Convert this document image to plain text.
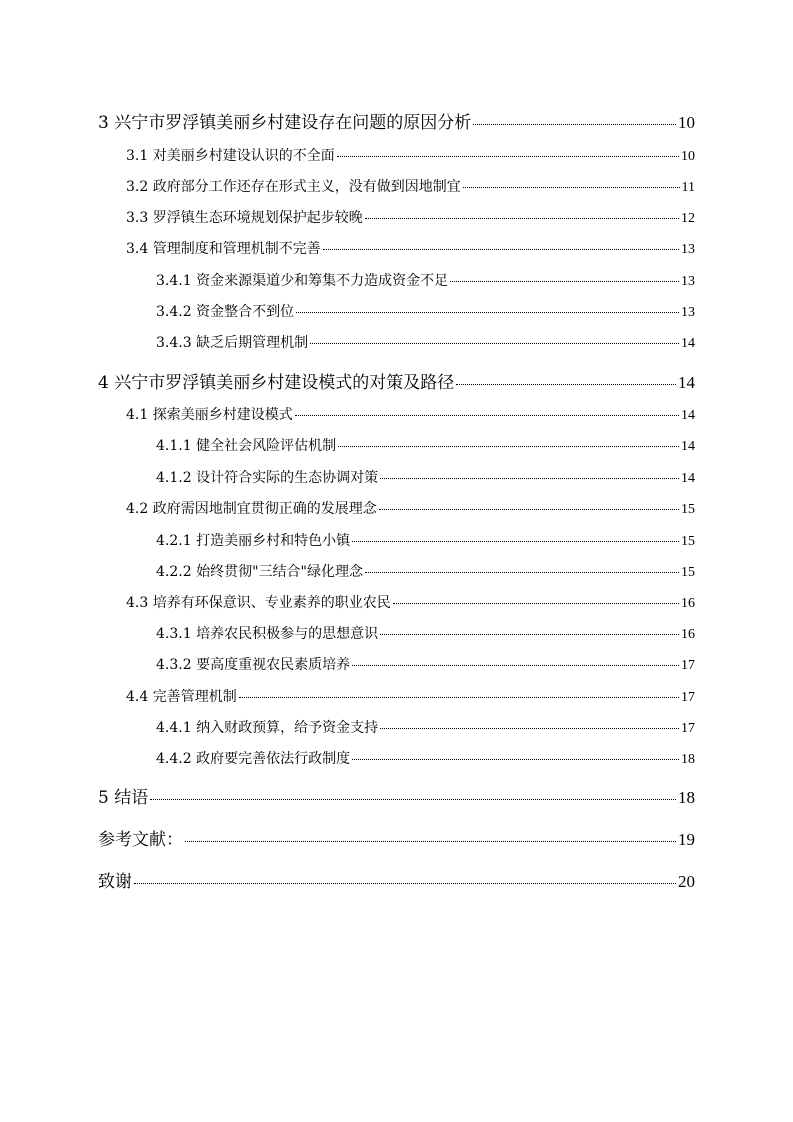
3 兴宁市罗浮镇美丽乡村建设存在问题的原因分析	10
3.1 对美丽乡村建设认识的不全面	10
3.2 政府部分工作还存在形式主义，没有做到因地制宜	11
3.3 罗浮镇生态环境规划保护起步较晚	12
3.4 管理制度和管理机制不完善	13
3.4.1 资金来源渠道少和筹集不力造成资金不足	13
3.4.2 资金整合不到位	13
3.4.3 缺乏后期管理机制	14
4 兴宁市罗浮镇美丽乡村建设模式的对策及路径	14
4.1 探索美丽乡村建设模式	14
4.1.1 健全社会风险评估机制	14
4.1.2 设计符合实际的生态协调对策	14
4.2 政府需因地制宜贯彻正确的发展理念	15
4.2.1 打造美丽乡村和特色小镇	15
4.2.2 始终贯彻"三结合"绿化理念	15
4.3 培养有环保意识、专业素养的职业农民	16
4.3.1 培养农民积极参与的思想意识	16
4.3.2 要高度重视农民素质培养	17
4.4 完善管理机制	17
4.4.1 纳入财政预算，给予资金支持	17
4.4.2 政府要完善依法行政制度	18
5 结语	18
参考文献：	19
致谢	20
